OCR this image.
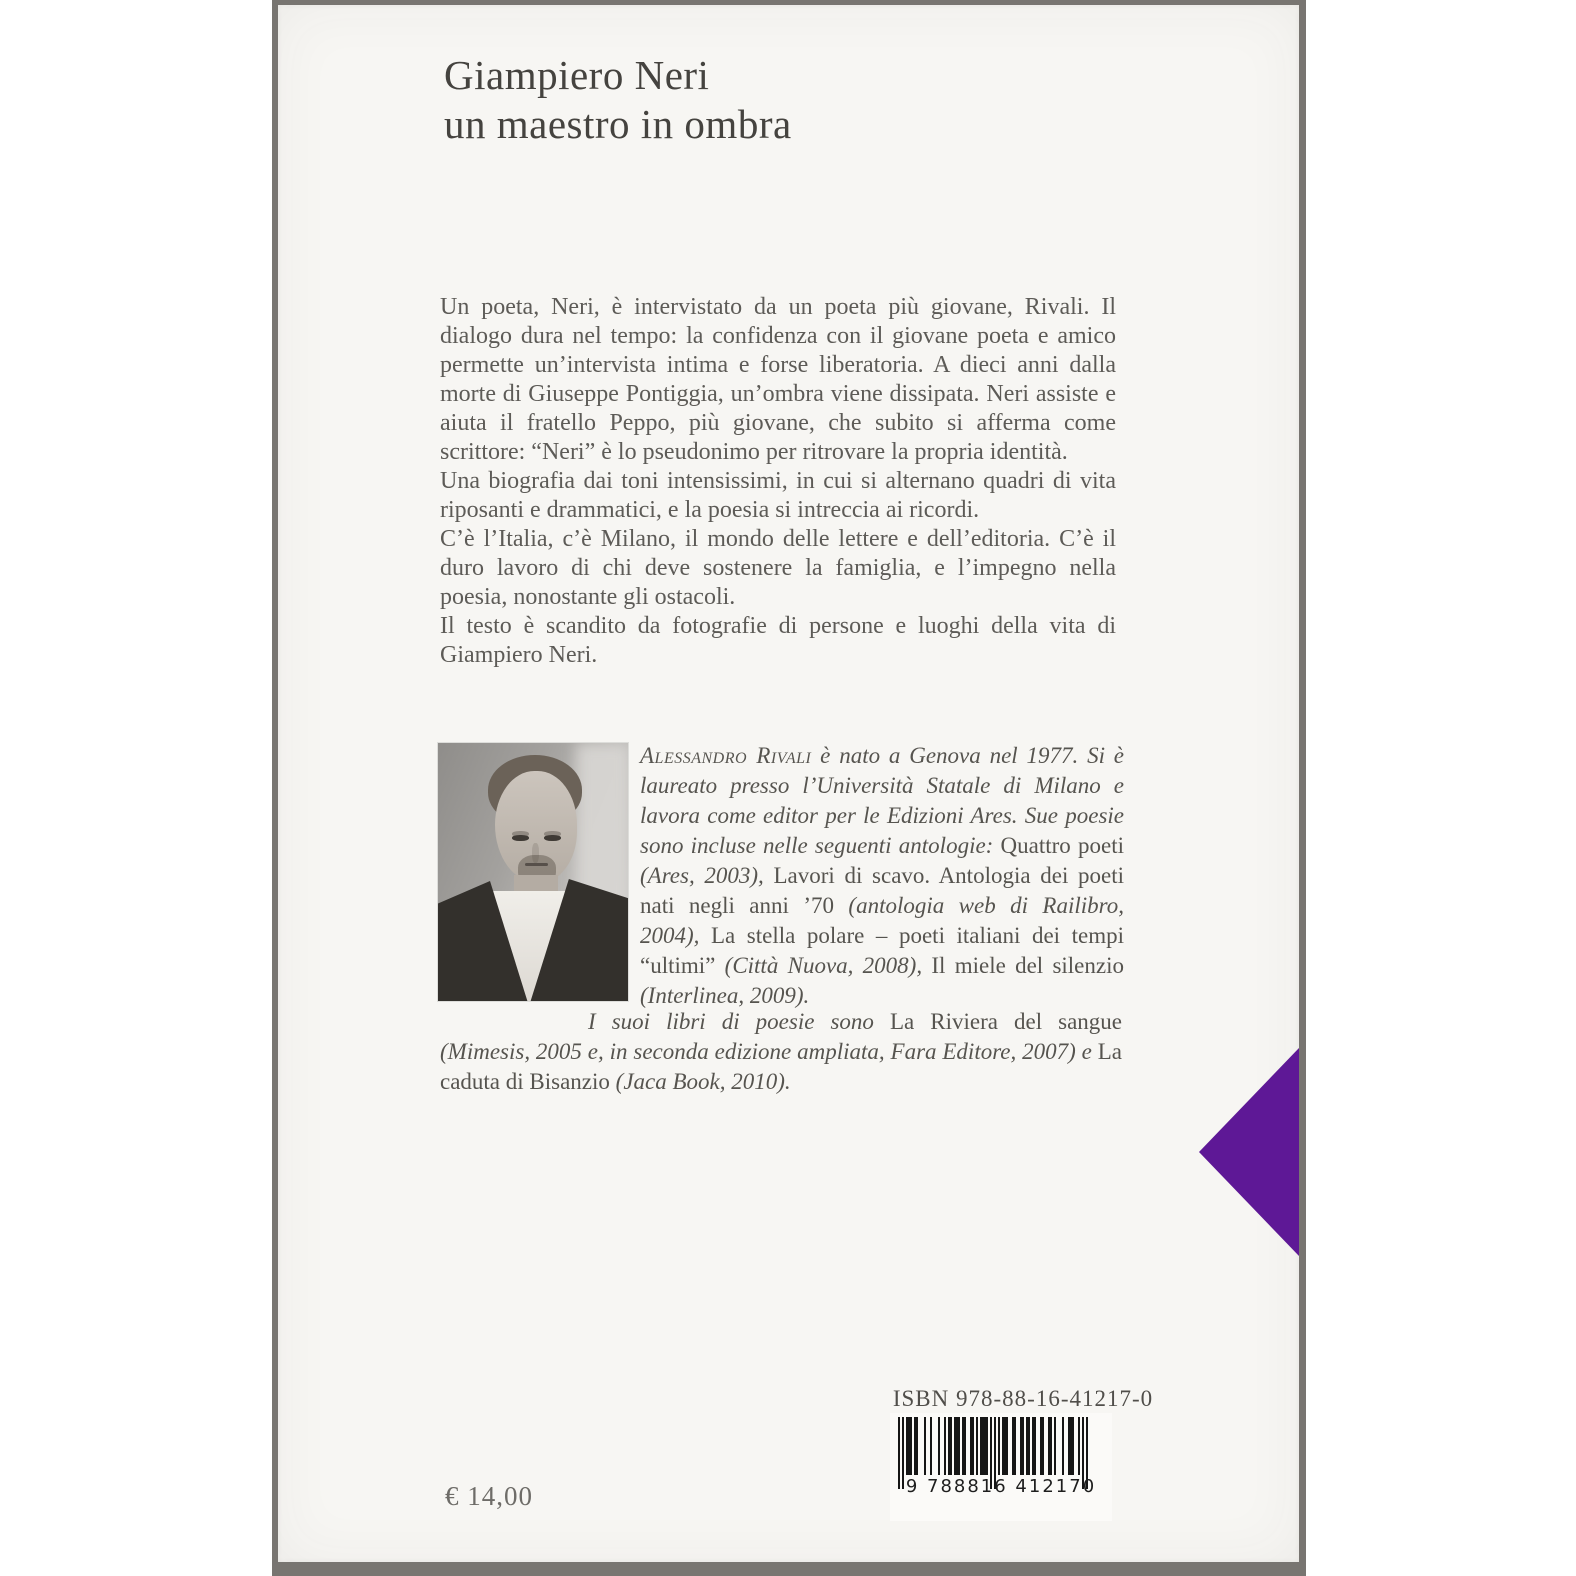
Giampiero Neri
un maestro in ombra

Un poeta, Neri, è intervistato da un poeta più giovane, Rivali. Il dialogo dura nel tempo: la confidenza con il giovane poeta e amico permette un’intervista intima e forse liberatoria. A dieci anni dalla morte di Giuseppe Pontiggia, un’ombra viene dissipata. Neri assiste e aiuta il fratello Peppo, più giovane, che subito si afferma come scrittore: “Neri” è lo pseudonimo per ritrovare la propria identità.

Una biografia dai toni intensissimi, in cui si alternano quadri di vita riposanti e drammatici, e la poesia si intreccia ai ricordi.

C’è l’Italia, c’è Milano, il mondo delle lettere e dell’editoria. C’è il duro lavoro di chi deve sostenere la famiglia, e l’impegno nella poesia, nonostante gli ostacoli.

Il testo è scandito da fotografie di persone e luoghi della vita di Giampiero Neri.

Alessandro Rivali è nato a Genova nel 1977. Si è laureato presso l’Università Statale di Milano e lavora come editor per le Edizioni Ares. Sue poesie sono incluse nelle seguenti antologie: Quattro poeti (Ares, 2003), Lavori di scavo. Antologia dei poeti nati negli anni ’70 (antologia web di Railibro, 2004), La stella polare – poeti italiani dei tempi “ultimi” (Città Nuova, 2008), Il miele del silenzio (Interlinea, 2009).
I suoi libri di poesie sono La Riviera del sangue (Mimesis, 2005 e, in seconda edizione ampliata, Fara Editore, 2007) e La caduta di Bisanzio (Jaca Book, 2010).
ISBN 978-88-16-41217-0
9 788816 412170
€ 14,00
